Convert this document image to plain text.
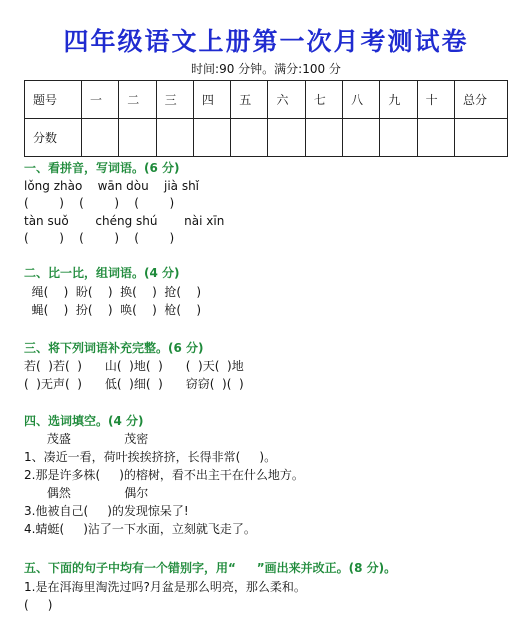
四年级语文上册第一次月考测试卷
时间:90 分钟。满分:100 分
题号	一	二	三	四	五	六	七	八	九	十	总分
分数											
一、看拼音，写词语。(6 分)
lǒng zhào    wān dòu    jià shǐ
(        )    (        )    (        )
tàn suǒ       chéng shú       nài xīn
(        )    (        )    (        )
二、比一比，组词语。(4 分)
绳(    )  盼(    )  换(    )  抢(    )
蝇(    )  扮(    )  唤(    )  枪(    )
三、将下列词语补充完整。(6 分)
若(  )若(  )      山(  )地(  )      (  )天(  )地
(  )无声(  )      低(  )细(  )      窃窃(  )(  )
四、选词填空。(4 分)
茂盛              茂密
1、凑近一看，荷叶挨挨挤挤，长得非常(     )。
2.那是许多株(     )的榕树，看不出主干在什么地方。
偶然              偶尔
3.他被自己(     )的发现惊呆了!
4.蜻蜓(     )沾了一下水面，立刻就飞走了。
五、下面的句子中均有一个错别字，用“     ”画出来并改正。(8 分)。
1.是在洱海里淘洗过吗?月盆是那么明亮，那么柔和。
(     )
